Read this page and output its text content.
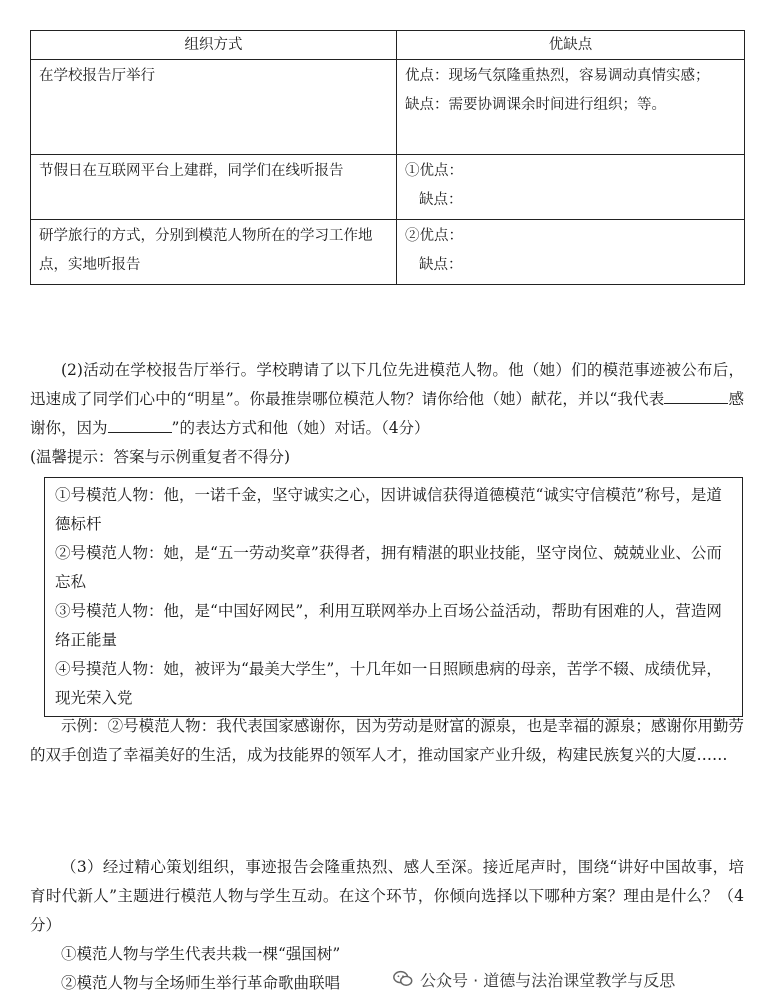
组织方式	优缺点
在学校报告厅举行	优点：现场气氛隆重热烈，容易调动真情实感；
缺点：需要协调课余时间进行组织；等。

节假日在互联网平台上建群，同学们在线听报告	①优点：
缺点：

研学旅行的方式，分别到模范人物所在的学习工作地点，实地听报告	②优点：
缺点：
(2)活动在学校报告厅举行。学校聘请了以下几位先进模范人物。他（她）们的模范事迹被公布后，迅速成了同学们心中的“明星”。你最推崇哪位模范人物？请你给他（她）献花，并以“我代表	感谢你，因为	”的表达方式和他（她）对话。（4分）
(温馨提示：答案与示例重复者不得分)
①号模范人物：他，一诺千金，坚守诚实之心，因讲诚信获得道德模范“诚实守信模范”称号，是道德标杆
②号模范人物：她，是“五一劳动奖章”获得者，拥有精湛的职业技能，坚守岗位、兢兢业业、公而忘私
③号模范人物：他，是“中国好网民”，利用互联网举办上百场公益活动，帮助有困难的人，营造网络正能量
④号摸范人物：她，被评为“最美大学生”，十几年如一日照顾患病的母亲，苦学不辍、成绩优异，现光荣入党
示例：②号模范人物：我代表国家感谢你，因为劳动是财富的源泉，也是幸福的源泉；感谢你用勤劳的双手创造了幸福美好的生活，成为技能界的领军人才，推动国家产业升级，构建民族复兴的大厦……
（3）经过精心策划组织，事迹报告会隆重热烈、感人至深。接近尾声时，围绕“讲好中国故事，培育时代新人”主题进行模范人物与学生互动。在这个环节，你倾向选择以下哪种方案？理由是什么？（4分）
①模范人物与学生代表共栽一棵“强国树”
②模范人物与全场师生举行革命歌曲联唱	公众号 · 道德与法治课堂教学与反思
